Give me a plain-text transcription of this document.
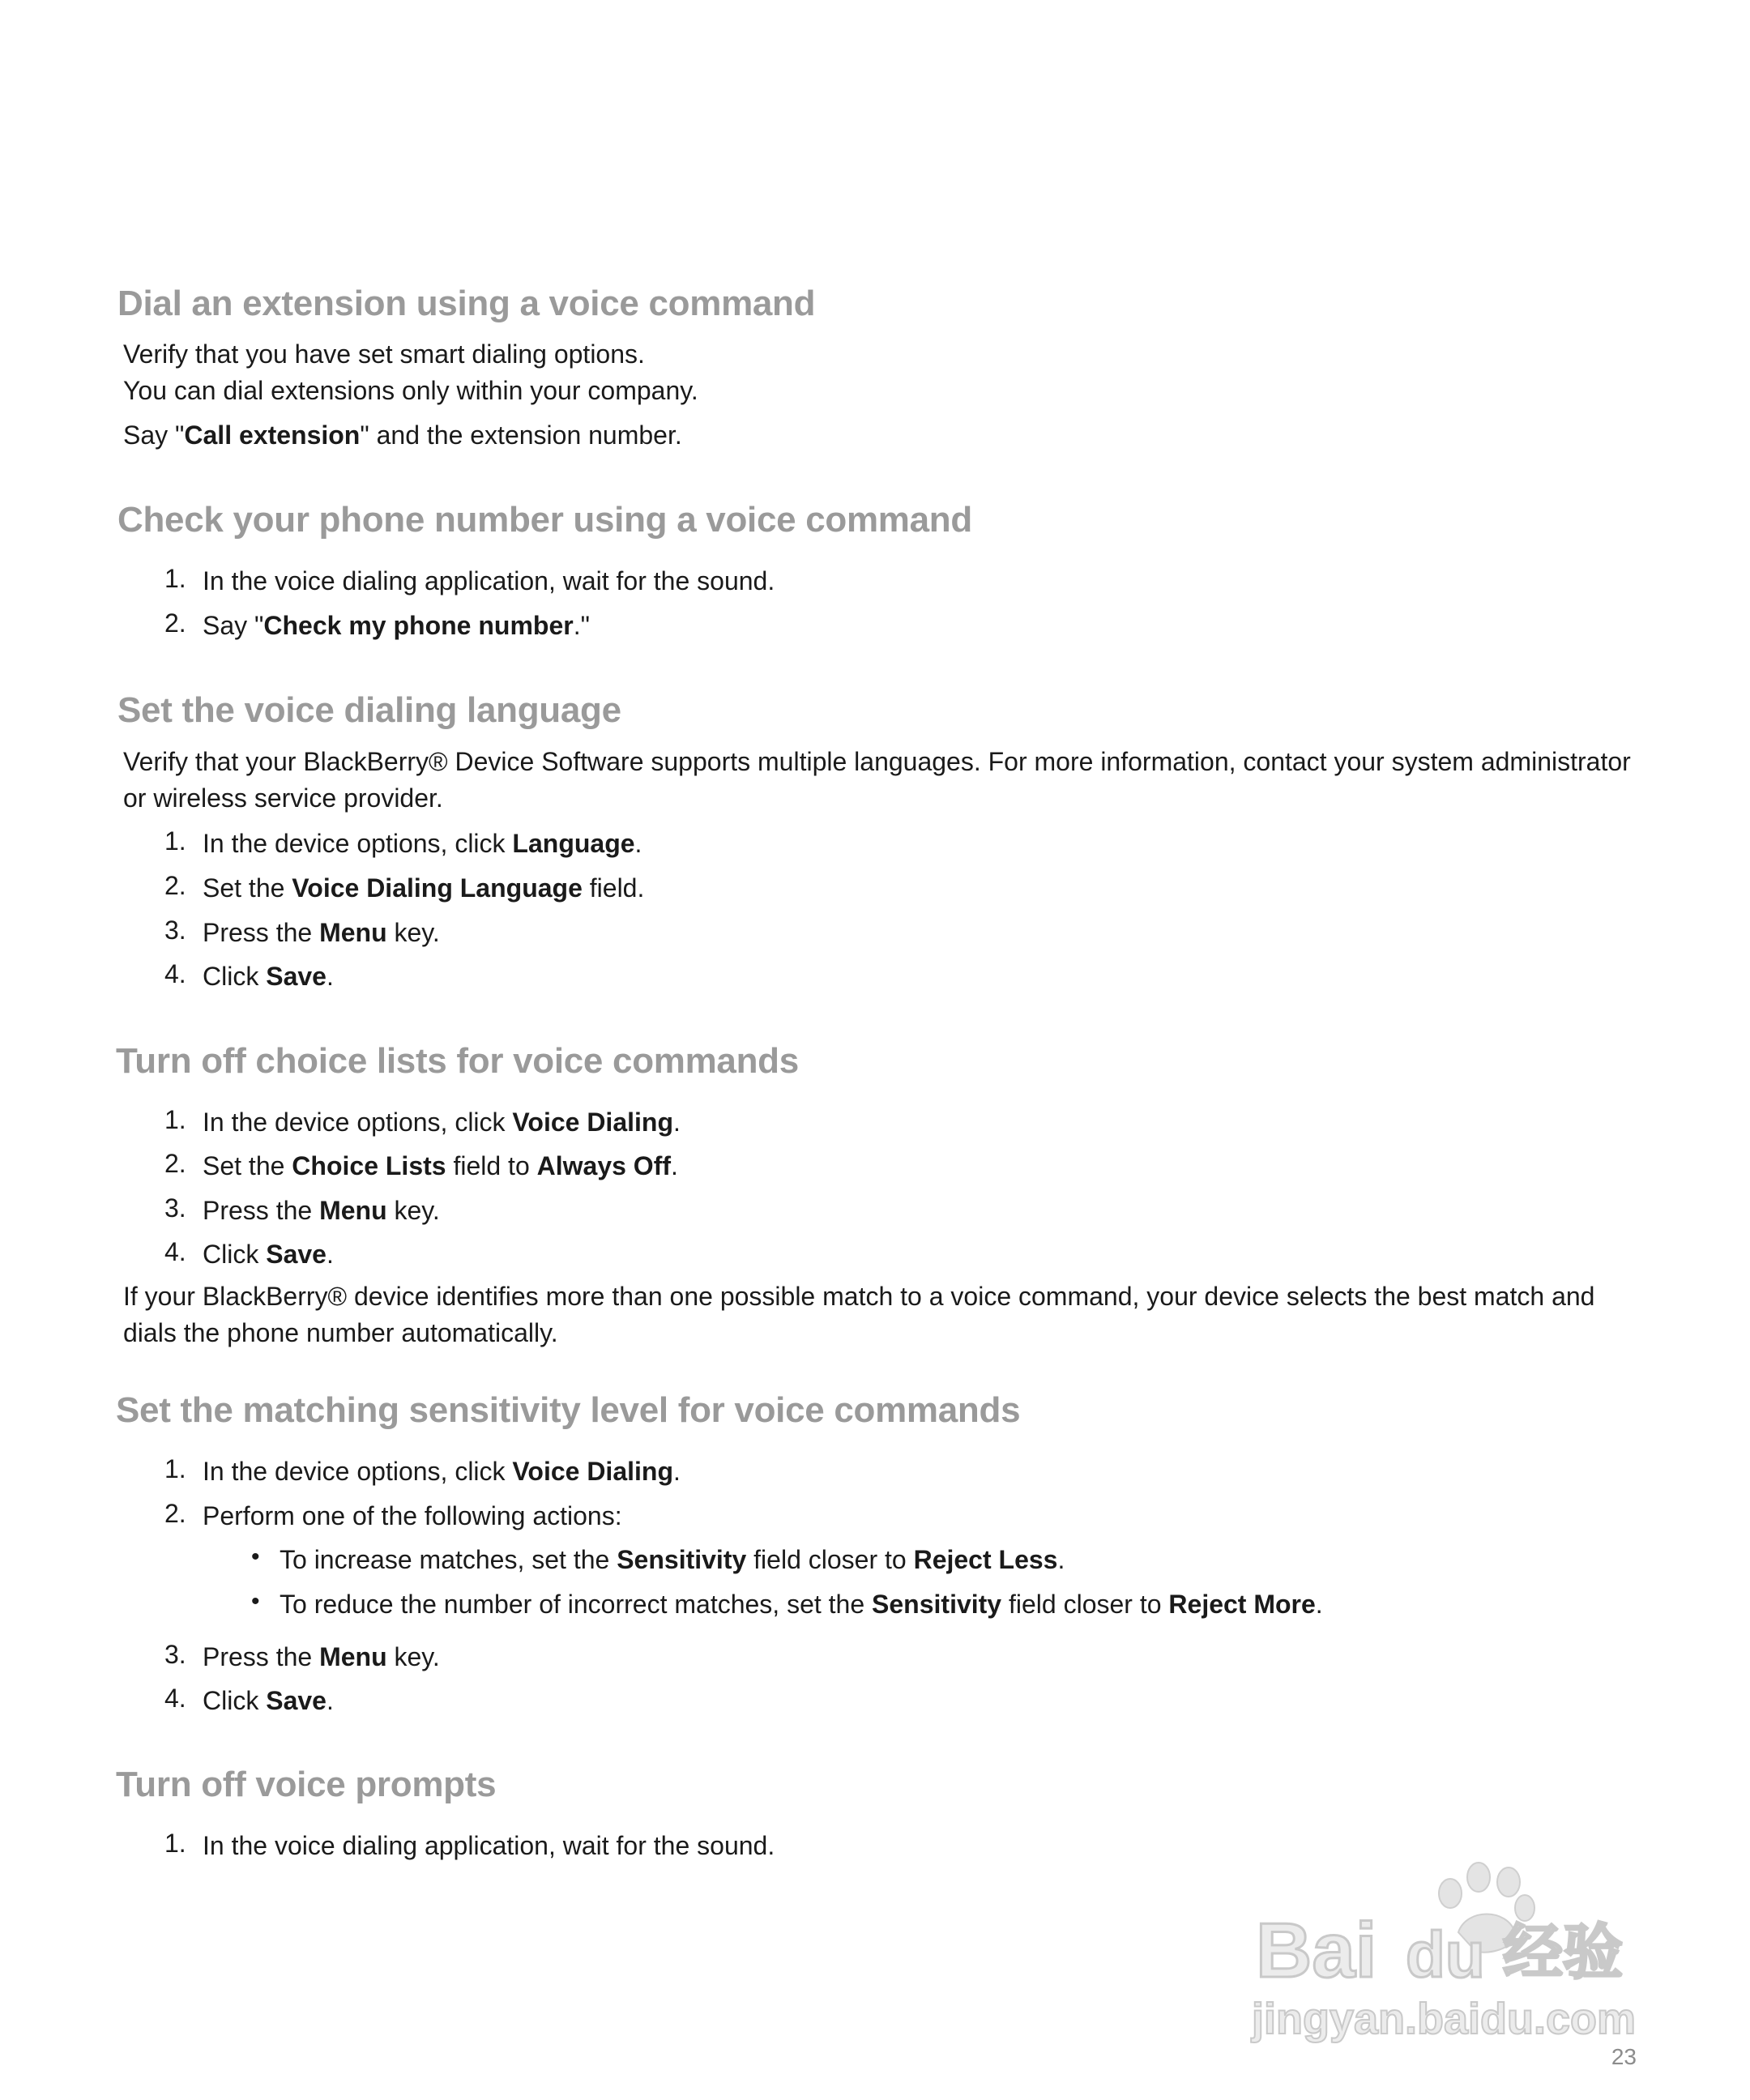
Dial an extension using a voice command

Verify that you have set smart dialing options.

You can dial extensions only within your company.

Say "Call extension" and the extension number.

Check your phone number using a voice command
1. In the voice dialing application, wait for the sound.

2. Say "Check my phone number."

Set the voice dialing language

Verify that your BlackBerry® Device Software supports multiple languages. For more information, contact your system administrator or wireless service provider.

1. In the device options, click Language.

2. Set the Voice Dialing Language field.

3. Press the Menu key.

4. Click Save.

Turn off choice lists for voice commands
1. In the device options, click Voice Dialing.

2. Set the Choice Lists field to Always Off.

3. Press the Menu key.

4. Click Save.

If your BlackBerry® device identifies more than one possible match to a voice command, your device selects the best match and dials the phone number automatically.

Set the matching sensitivity level for voice commands
1. In the device options, click Voice Dialing.

2. Perform one of the following actions:

• To increase matches, set the Sensitivity field closer to Reject Less.

• To reduce the number of incorrect matches, set the Sensitivity field closer to Reject More.

3. Press the Menu key.

4. Click Save.

Turn off voice prompts
1. In the voice dialing application, wait for the sound.

Bai du 经验
jingyan.baidu.com
23
